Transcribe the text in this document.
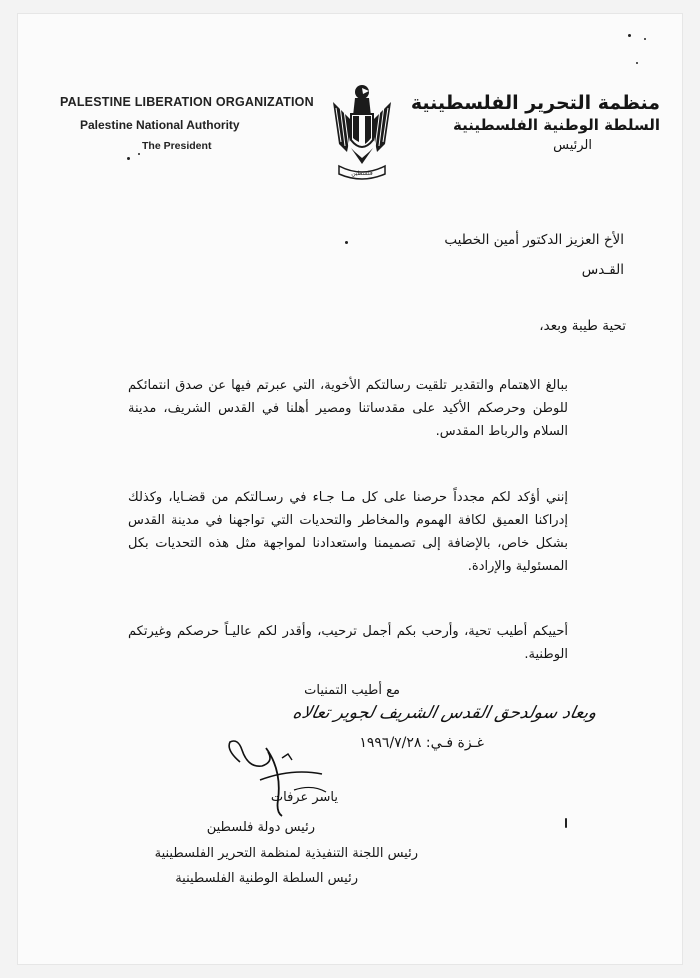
PALESTINE LIBERATION ORGANIZATION
Palestine National Authority
The President
فلسطين
منظمة التحرير الفلسطينية
السلطة الوطنية الفلسطينية
الرئيس
الأخ العزيز الدكتور أمين الخطيب
القـدس
تحية طيبة وبعد،
ببالغ الاهتمام والتقدير تلقيت رسالتكم الأخوية، التي عبرتم فيها عن صدق انتمائكم للوطن وحرصكم الأكيد على مقدساتنا ومصير أهلنا في القدس الشريف، مدينة السلام والرباط المقدس.
إنني أؤكد لكم مجدداً حرصنا على كل مـا جـاء في رسـالتكم من قضـايا، وكذلك إدراكنا العميق لكافة الهموم والمخاطر والتحديات التي تواجهنا في مدينة القدس بشكل خاص، بالإضافة إلى تصميمنا واستعدادنا لمواجهة مثل هذه التحديات بكل المسئولية والإرادة.
أحييكم أطيب تحية، وأرحب بكم أجمل ترحيب، وأقدر لكم عاليـاً حرصكم وغيرتكم الوطنية.
مع أطيب التمنيات
وبعاد سولدحق القدس الشريف لجوير تعالاه
غـزة فـي: ١٩٩٦/٧/٢٨
ياسر عرفات
رئيس دولة فلسطين
رئيس اللجنة التنفيذية لمنظمة التحرير الفلسطينية
رئيس السلطة الوطنية الفلسطينية
